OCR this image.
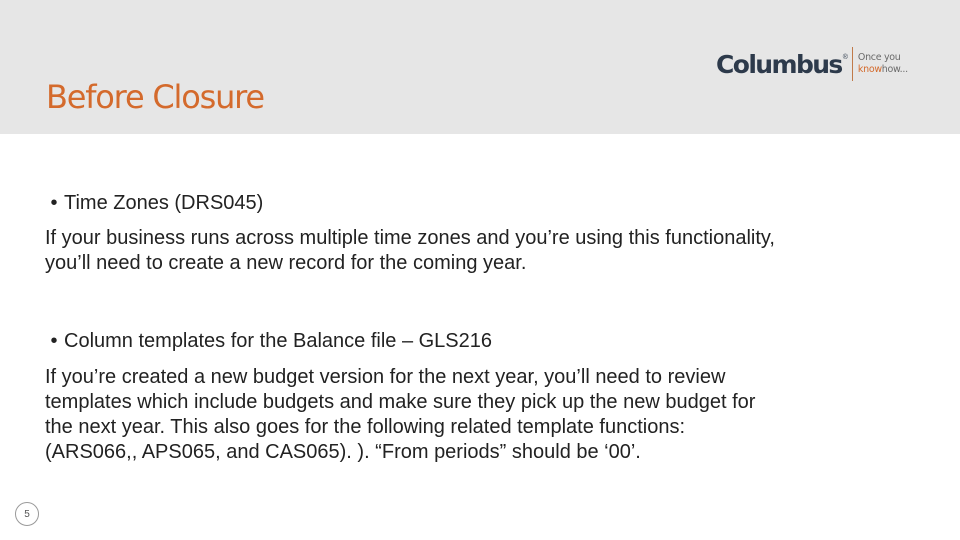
Before Closure
Columbus ® Once you
know how...
• Time Zones (DRS045)
If your business runs across multiple time zones and you’re using this functionality,
you’ll need to create a new record for the coming year.
• Column templates for the Balance file – GLS216
If you’re created a new budget version for the next year, you’ll need to review
templates which include budgets and make sure they pick up the new budget for
the next year. This also goes for the following related template functions:
(ARS066,, APS065, and CAS065). ). “From periods” should be ‘00’.
5
